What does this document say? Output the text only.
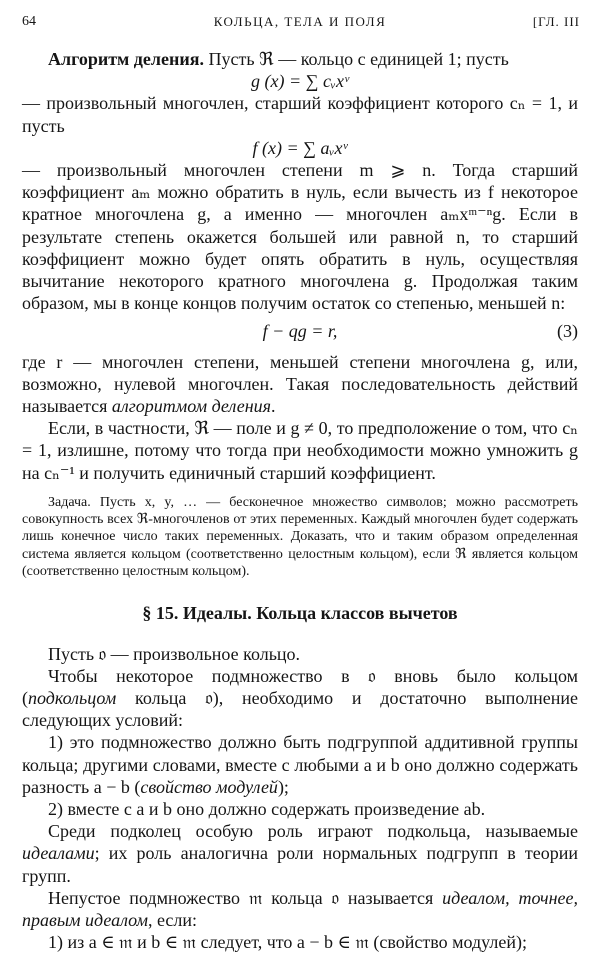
64	КОЛЬЦА, ТЕЛА И ПОЛЯ	[ГЛ. III

Алгоритм деления. Пусть ℜ — кольцо с единицей 1; пусть

g (x) = ∑ cᵥxᵛ

— произвольный многочлен, старший коэффициент которого cₙ = 1, и пусть

f (x) = ∑ aᵥxᵛ

— произвольный многочлен степени m ⩾ n. Тогда старший коэффициент aₘ можно обратить в нуль, если вычесть из f некоторое кратное многочлена g, а именно — многочлен aₘxᵐ⁻ⁿg. Если в результате степень окажется большей или равной n, то старший коэффициент можно будет опять обратить в нуль, осуществляя вычитание некоторого кратного многочлена g. Продолжая таким образом, мы в конце концов получим остаток со степенью, меньшей n:

f − qg = r,	(3)

где r — многочлен степени, меньшей степени многочлена g, или, возможно, нулевой многочлен. Такая последовательность действий называется алгоритмом деления.

Если, в частности, ℜ — поле и g ≠ 0, то предположение о том, что cₙ = 1, излишне, потому что тогда при необходимости можно умножить g на cₙ⁻¹ и получить единичный старший коэффициент.

Задача. Пусть x, y, … — бесконечное множество символов; можно рассмотреть совокупность всех ℜ-многочленов от этих переменных. Каждый многочлен будет содержать лишь конечное число таких переменных. Доказать, что и таким образом определенная система является кольцом (соответственно целостным кольцом), если ℜ является кольцом (соответственно целостным кольцом).

§ 15. Идеалы. Кольца классов вычетов

Пусть 𝔬 — произвольное кольцо.

Чтобы некоторое подмножество в 𝔬 вновь было кольцом (подкольцом кольца 𝔬), необходимо и достаточно выполнение следующих условий:

1) это подмножество должно быть подгруппой аддитивной группы кольца; другими словами, вместе с любыми a и b оно должно содержать разность a − b (свойство модулей);

2) вместе с a и b оно должно содержать произведение ab.

Среди подколец особую роль играют подкольца, называемые идеалами; их роль аналогична роли нормальных подгрупп в теории групп.

Непустое подмножество 𝔪 кольца 𝔬 называется идеалом, точнее, правым идеалом, если:

1) из a ∈ 𝔪 и b ∈ 𝔪 следует, что a − b ∈ 𝔪 (свойство модулей);
